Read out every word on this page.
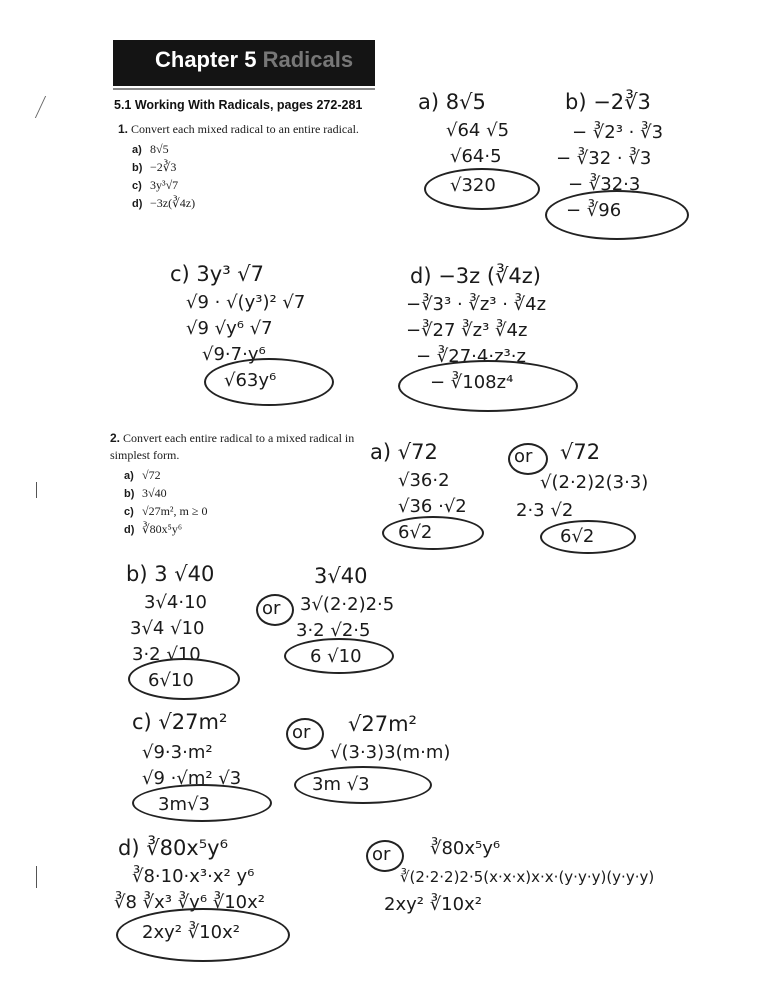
Chapter 5 Radicals
5.1 Working With Radicals, pages 272-281
1. Convert each mixed radical to an entire radical.
a) 8√5
b) −2∛3
c) 3y³√7
d) −3z(∛4z)
2. Convert each entire radical to a mixed radical in simplest form.
a) √72
b) 3√40
c) √27m², m ≥ 0
d) ∛80x⁵y⁶
a) 8√5
√64 √5
√64·5
√320
b) −2∛3
− ∛2³ · ∛3
− ∛32 · ∛3
− ∛32·3
− ∛96
c) 3y³ √7
√9 · √(y³)² √7
√9 √y⁶ √7
√9·7·y⁶
√63y⁶
d) −3z (∛4z)
−∛3³ · ∛z³ · ∛4z
−∛27 ∛z³ ∛4z
− ∛27·4·z³·z
− ∛108z⁴
a) √72
√36·2
√36 ·√2
6√2
or √72
√(2·2)2(3·3)
2·3 √2
6√2
b) 3 √40
3√4·10
3√4 √10
3·2 √10
6√10
or
3√40
3√(2·2)2·5
3·2 √2·5
6 √10
c) √27m²
√9·3·m²
√9 ·√m² √3
3m√3
or √27m²
√(3·3)3(m·m)
3m √3
d) ∛80x⁵y⁶
∛8·10·x³·x² y⁶
∛8 ∛x³ ∛y⁶ ∛10x²
2xy² ∛10x²
or ∛80x⁵y⁶
∛(2·2·2)2·5(x·x·x)x·x·(y·y·y)(y·y·y)
2xy² ∛10x²
